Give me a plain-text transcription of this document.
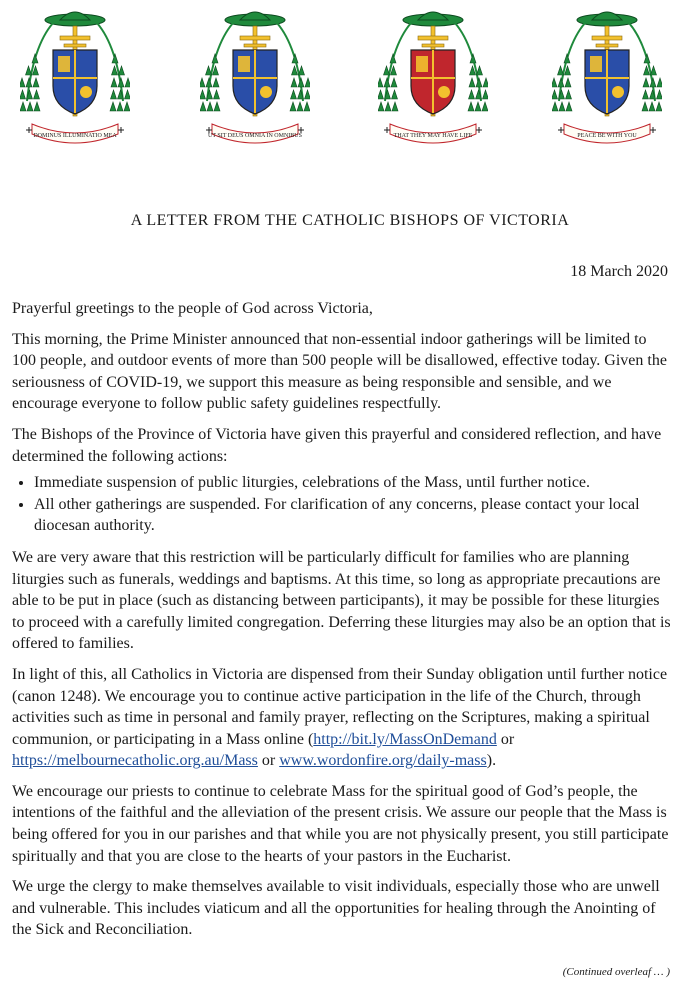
DOMINUS ILLUMINATIO MEA	UT SIT DEUS OMNIA IN OMNIBUS	THAT THEY MAY HAVE LIFE	PEACE BE WITH YOU
A LETTER FROM THE CATHOLIC BISHOPS OF VICTORIA
18 March 2020

Prayerful greetings to the people of God across Victoria,

This morning, the Prime Minister announced that non-essential indoor gatherings will be limited to 100 people, and outdoor events of more than 500 people will be disallowed, effective today. Given the seriousness of COVID-19, we support this measure as being responsible and sensible, and we encourage everyone to follow public safety guidelines respectfully.

The Bishops of the Province of Victoria have given this prayerful and considered reflection, and have determined the following actions:

• Immediate suspension of public liturgies, celebrations of the Mass, until further notice.
• All other gatherings are suspended. For clarification of any concerns, please contact your local diocesan authority.

We are very aware that this restriction will be particularly difficult for families who are planning liturgies such as funerals, weddings and baptisms. At this time, so long as appropriate precautions are able to be put in place (such as distancing between participants), it may be possible for these liturgies to proceed with a carefully limited congregation. Deferring these liturgies may also be an option that is offered to families.

In light of this, all Catholics in Victoria are dispensed from their Sunday obligation until further notice (canon 1248). We encourage you to continue active participation in the life of the Church, through activities such as time in personal and family prayer, reflecting on the Scriptures, making a spiritual communion, or participating in a Mass online (http://bit.ly/MassOnDemand or https://melbournecatholic.org.au/Mass or www.wordonfire.org/daily-mass).

We encourage our priests to continue to celebrate Mass for the spiritual good of God’s people, the intentions of the faithful and the alleviation of the present crisis. We assure our people that the Mass is being offered for you in our parishes and that while you are not physically present, you still participate spiritually and that you are close to the hearts of your pastors in the Eucharist.

We urge the clergy to make themselves available to visit individuals, especially those who are unwell and vulnerable. This includes viaticum and all the opportunities for healing through the Anointing of the Sick and Reconciliation.

(Continued overleaf … )
